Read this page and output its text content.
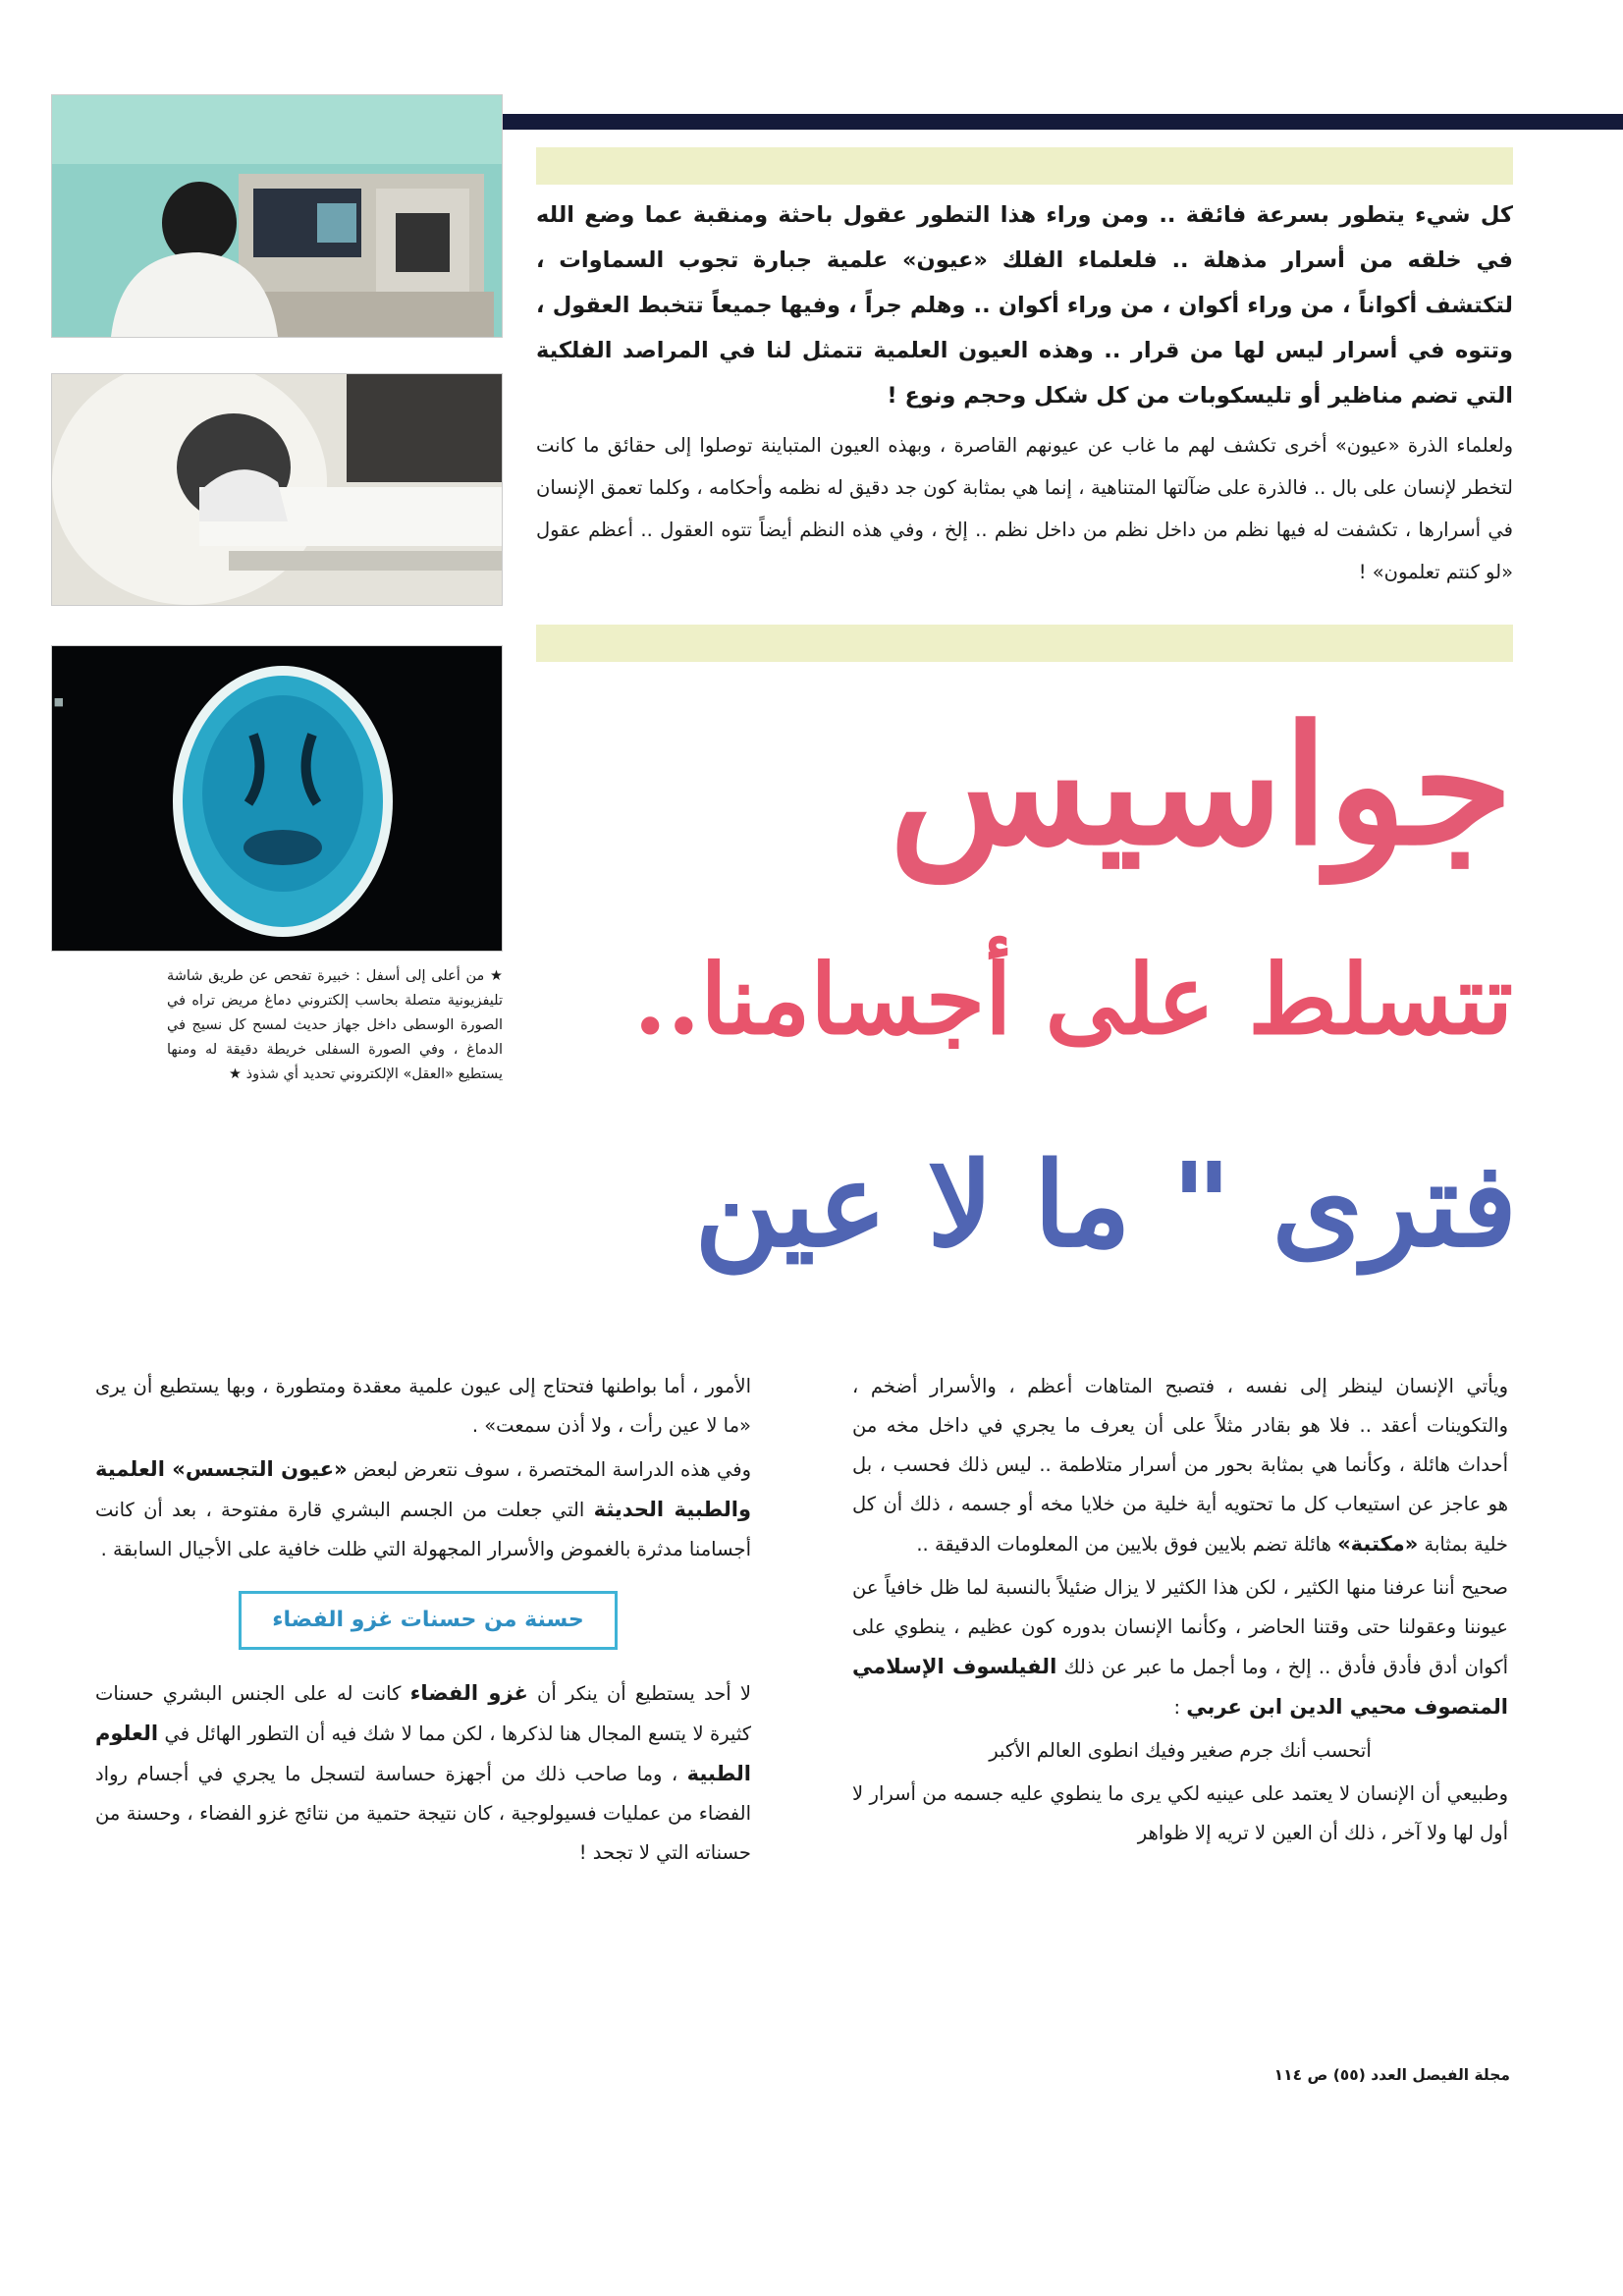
■

كل شيء يتطور بسرعة فائقة .. ومن وراء هذا التطور عقول باحثة ومنقبة عما وضع الله في خلقه من أسرار مذهلة .. فلعلماء الفلك «عيون» علمية جبارة تجوب السماوات ، لتكتشف أكواناً ، من وراء أكوان ، من وراء أكوان .. وهلم جراً ، وفيها جميعاً تتخبط العقول ، وتتوه في أسرار ليس لها من قرار .. وهذه العيون العلمية تتمثل لنا في المراصد الفلكية التي تضم مناظير أو تليسكوبات من كل شكل وحجم ونوع !

ولعلماء الذرة «عيون» أخرى تكشف لهم ما غاب عن عيونهم القاصرة ، وبهذه العيون المتباينة توصلوا إلى حقائق ما كانت لتخطر لإنسان على بال .. فالذرة على ضآلتها المتناهية ، إنما هي بمثابة كون جد دقيق له نظمه وأحكامه ، وكلما تعمق الإنسان في أسرارها ، تكشفت له فيها نظم من داخل نظم من داخل نظم .. إلخ ، وفي هذه النظم أيضاً تتوه العقول .. أعظم عقول «لو كنتم تعلمون» !

جواسيس
تتسلط على أجسامنا..
فترى " ما لا عين
★ من أعلى إلى أسفل : خبيرة تفحص عن طريق شاشة تليفزيونية متصلة بحاسب إلكتروني دماغ مريض تراه في الصورة الوسطى داخل جهاز حديث لمسح كل نسيج في الدماغ ، وفي الصورة السفلى خريطة دقيقة له ومنها يستطيع «العقل» الإلكتروني تحديد أي شذوذ ★

ويأتي الإنسان لينظر إلى نفسه ، فتصبح المتاهات أعظم ، والأسرار أضخم ، والتكوينات أعقد .. فلا هو بقادر مثلاً على أن يعرف ما يجري في داخل مخه من أحداث هائلة ، وكأنما هي بمثابة بحور من أسرار متلاطمة .. ليس ذلك فحسب ، بل هو عاجز عن استيعاب كل ما تحتويه أية خلية من خلايا مخه أو جسمه ، ذلك أن كل خلية بمثابة «مكتبة» هائلة تضم بلايين فوق بلايين من المعلومات الدقيقة ..

صحيح أننا عرفنا منها الكثير ، لكن هذا الكثير لا يزال ضئيلاً بالنسبة لما ظل خافياً عن عيوننا وعقولنا حتى وقتنا الحاضر ، وكأنما الإنسان بدوره كون عظيم ، ينطوي على أكوان أدق فأدق فأدق .. إلخ ، وما أجمل ما عبر عن ذلك الفيلسوف الإسلامي المتصوف محيي الدين ابن عربي :

أتحسب أنك جرم صغير وفيك انطوى العالم الأكبر

وطبيعي أن الإنسان لا يعتمد على عينيه لكي يرى ما ينطوي عليه جسمه من أسرار لا أول لها ولا آخر ، ذلك أن العين لا تريه إلا ظواهر

الأمور ، أما بواطنها فتحتاج إلى عيون علمية معقدة ومتطورة ، وبها يستطيع أن يرى «ما لا عين رأت ، ولا أذن سمعت» .

وفي هذه الدراسة المختصرة ، سوف نتعرض لبعض «عيون التجسس» العلمية والطبية الحديثة التي جعلت من الجسم البشري قارة مفتوحة ، بعد أن كانت أجسامنا مدثرة بالغموض والأسرار المجهولة التي ظلت خافية على الأجيال السابقة .

حسنة من حسنات غزو الفضاء

لا أحد يستطيع أن ينكر أن غزو الفضاء كانت له على الجنس البشري حسنات كثيرة لا يتسع المجال هنا لذكرها ، لكن مما لا شك فيه أن التطور الهائل في العلوم الطبية ، وما صاحب ذلك من أجهزة حساسة لتسجل ما يجري في أجسام رواد الفضاء من عمليات فسيولوجية ، كان نتيجة حتمية من نتائج غزو الفضاء ، وحسنة من حسناته التي لا تجحد !

مجلة الفيصل العدد (٥٥) ص ١١٤
